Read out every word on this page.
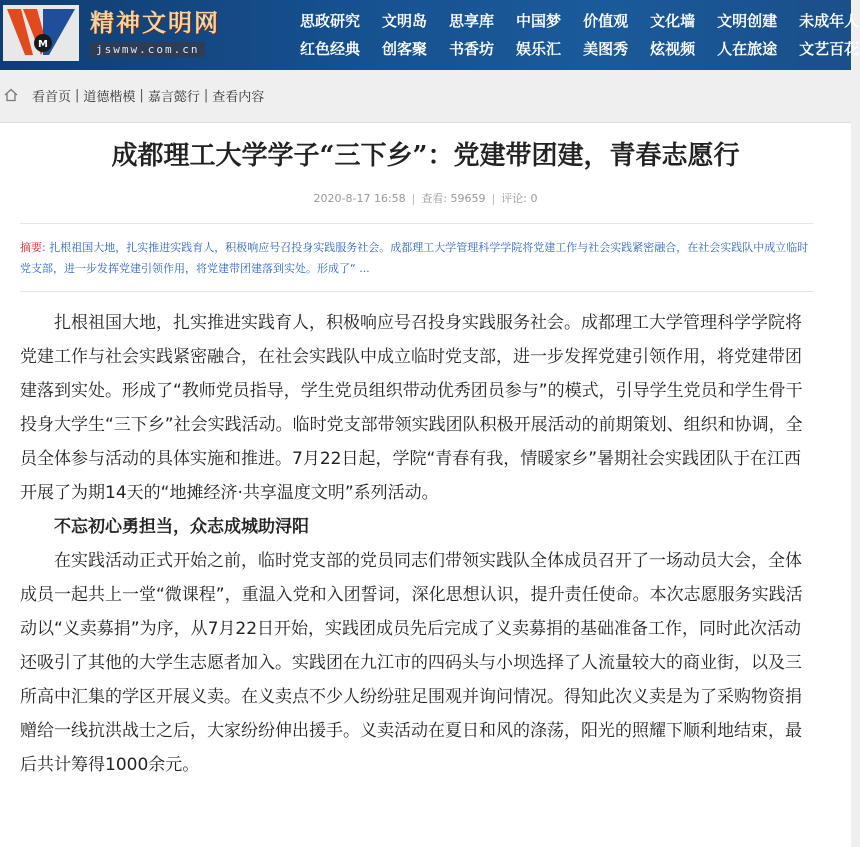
M
精神文明网
jswmw.com.cn
思政研究 文明岛 思享库 中国梦 价值观 文化墙 文明创建 未成年人
红色经典 创客聚 书香坊 娱乐汇 美图秀 炫视频 人在旅途 文艺百花
看首页 | 道德楷模 | 嘉言懿行 | 查看内容
成都理工大学学子“三下乡”：党建带团建，青春志愿行
2020-8-17 16:58 | 查看: 59659 | 评论: 0
摘要: 扎根祖国大地，扎实推进实践育人，积极响应号召投身实践服务社会。成都理工大学管理科学学院将党建工作与社会实践紧密融合，在社会实践队中成立临时党支部，进一步发挥党建引领作用，将党建带团建落到实处。形成了“ ...

扎根祖国大地，扎实推进实践育人，积极响应号召投身实践服务社会。成都理工大学管理科学学院将党建工作与社会实践紧密融合，在社会实践队中成立临时党支部，进一步发挥党建引领作用，将党建带团建落到实处。形成了“教师党员指导，学生党员组织带动优秀团员参与”的模式，引导学生党员和学生骨干投身大学生“三下乡”社会实践活动。临时党支部带领实践团队积极开展活动的前期策划、组织和协调，全员全体参与活动的具体实施和推进。7月22日起，学院“青春有我，情暖家乡”暑期社会实践团队于在江西开展了为期14天的“地摊经济·共享温度文明”系列活动。

不忘初心勇担当，众志成城助浔阳

在实践活动正式开始之前，临时党支部的党员同志们带领实践队全体成员召开了一场动员大会，全体成员一起共上一堂“微课程”，重温入党和入团誓词，深化思想认识，提升责任使命。本次志愿服务实践活动以“义卖募捐”为序，从7月22日开始，实践团成员先后完成了义卖募捐的基础准备工作，同时此次活动还吸引了其他的大学生志愿者加入。实践团在九江市的四码头与小坝选择了人流量较大的商业街，以及三所高中汇集的学区开展义卖。在义卖点不少人纷纷驻足围观并询问情况。得知此次义卖是为了采购物资捐赠给一线抗洪战士之后，大家纷纷伸出援手。义卖活动在夏日和风的涤荡，阳光的照耀下顺利地结束，最后共计筹得1000余元。
